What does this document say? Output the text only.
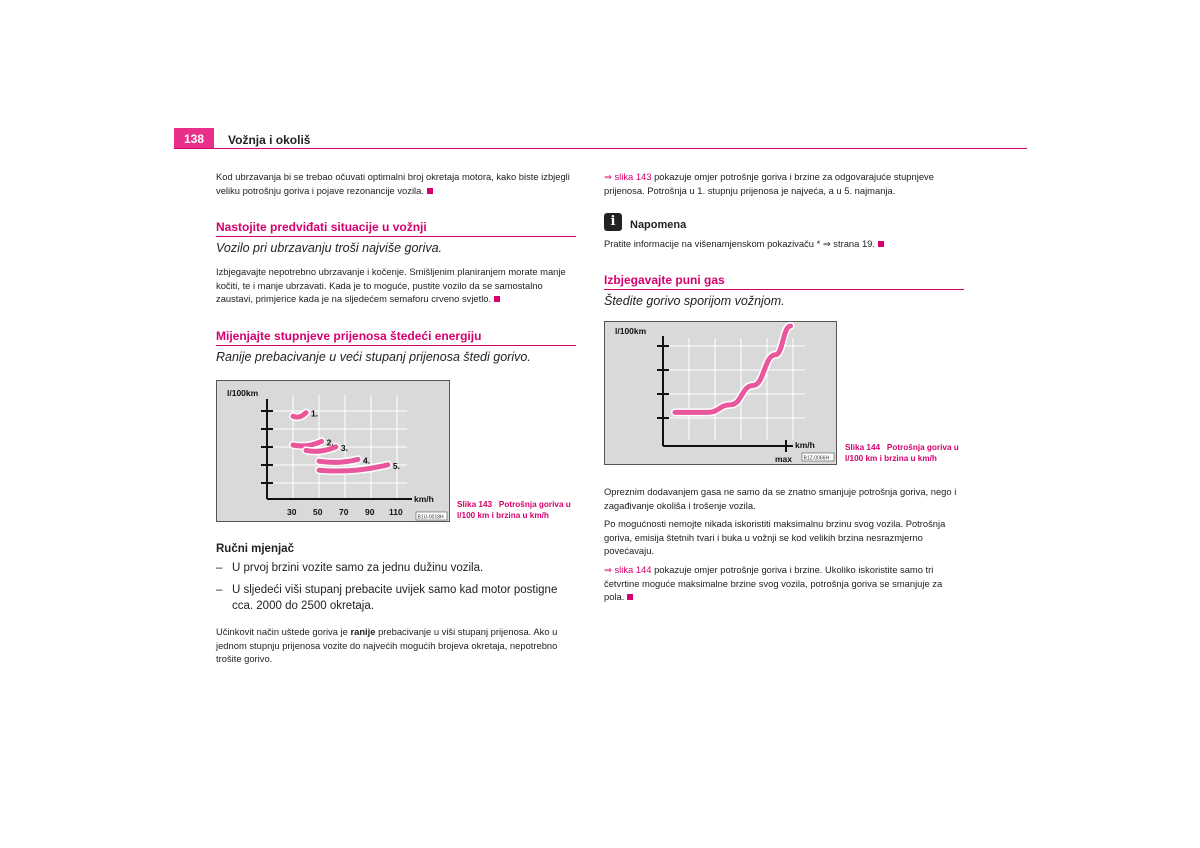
138	Vožnja i okoliš
Kod ubrzavanja bi se trebao očuvati optimalni broj okretaja motora, kako biste izbjegli veliku potrošnju goriva i pojave rezonancije vozila.
Nastojite predviđati situacije u vožnji
Vozilo pri ubrzavanju troši najviše goriva.
Izbjegavajte nepotrebno ubrzavanje i kočenje. Smišljenim planiranjem morate manje kočiti, te i manje ubrzavati. Kada je to moguće, pustite vozilo da se samostalno zaustavi, primjerice kada je na sljedećem semaforu crveno svjetlo.
Mijenjajte stupnjeve prijenosa štedeći energiju
Ranije prebacivanje u veći stupanj prijenosa štedi gorivo.
1.
2.
3.
4.
5.
l/100km
km/h
30 50 70 90 110
B1U-0018H
Slika 143 Potrošnja goriva u l/100 km i brzina u km/h
Ručni mjenjač
– U prvoj brzini vozite samo za jednu dužinu vozila.
– U sljedeći viši stupanj prebacite uvijek samo kad motor postigne cca. 2000 do 2500 okretaja.
Učinkovit način uštede goriva je ranije prebacivanje u viši stupanj prijenosa. Ako u jednom stupnju prijenosa vozite do najvećih mogućih brojeva okretaja, nepotrebno trošite gorivo.
⇒ slika 143 pokazuje omjer potrošnje goriva i brzine za odgovarajuće stupnjeve prijenosa. Potrošnja u 1. stupnju prijenosa je najveća, a u 5. najmanja.
i	Napomena
Pratite informacije na višenamjenskom pokazivaču * ⇒ strana 19.
Izbjegavajte puni gas
Štedite gorivo sporijom vožnjom.
l/100km
km/h
max B1Z-0066H
Slika 144 Potrošnja goriva u l/100 km i brzina u km/h
Opreznim dodavanjem gasa ne samo da se znatno smanjuje potrošnja goriva, nego i zagađivanje okoliša i trošenje vozila.
Po mogućnosti nemojte nikada iskoristiti maksimalnu brzinu svog vozila. Potrošnja goriva, emisija štetnih tvari i buka u vožnji se kod velikih brzina nesrazmjerno povećavaju.
⇒ slika 144 pokazuje omjer potrošnje goriva i brzine. Ukoliko iskoristite samo tri četvrtine moguće maksimalne brzine svog vozila, potrošnja goriva se smanjuje za pola.
